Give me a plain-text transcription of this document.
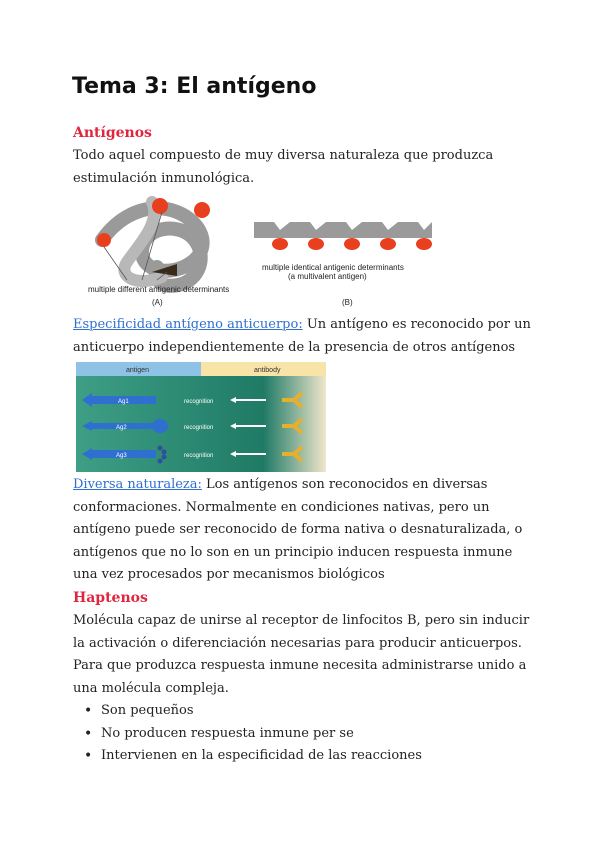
Tema 3: El antígeno

Antígenos

Todo aquel compuesto de muy diversa naturaleza que produzca estimulación inmunológica.

multiple different antigenic determinants
(A)
multiple identical antigenic determinants
(a multivalent antigen)
(B)

Especificidad antígeno anticuerpo: Un antígeno es reconocido por un anticuerpo independientemente de la presencia de otros antígenos

antigen	antibody
Ag1	recognition
Ag2	recognition
Ag3	recognition

Diversa naturaleza: Los antígenos son reconocidos en diversas conformaciones. Normalmente en condiciones nativas, pero un antígeno puede ser reconocido de forma nativa o desnaturalizada, o antígenos que no lo son en un principio inducen respuesta inmune una vez procesados por mecanismos biológicos

Haptenos

Molécula capaz de unirse al receptor de linfocitos B, pero sin inducir la activación o diferenciación necesarias para producir anticuerpos. Para que produzca respuesta inmune necesita administrarse unido a una molécula compleja.

• Son pequeños
• No producen respuesta inmune per se
• Intervienen en la especificidad de las reacciones
